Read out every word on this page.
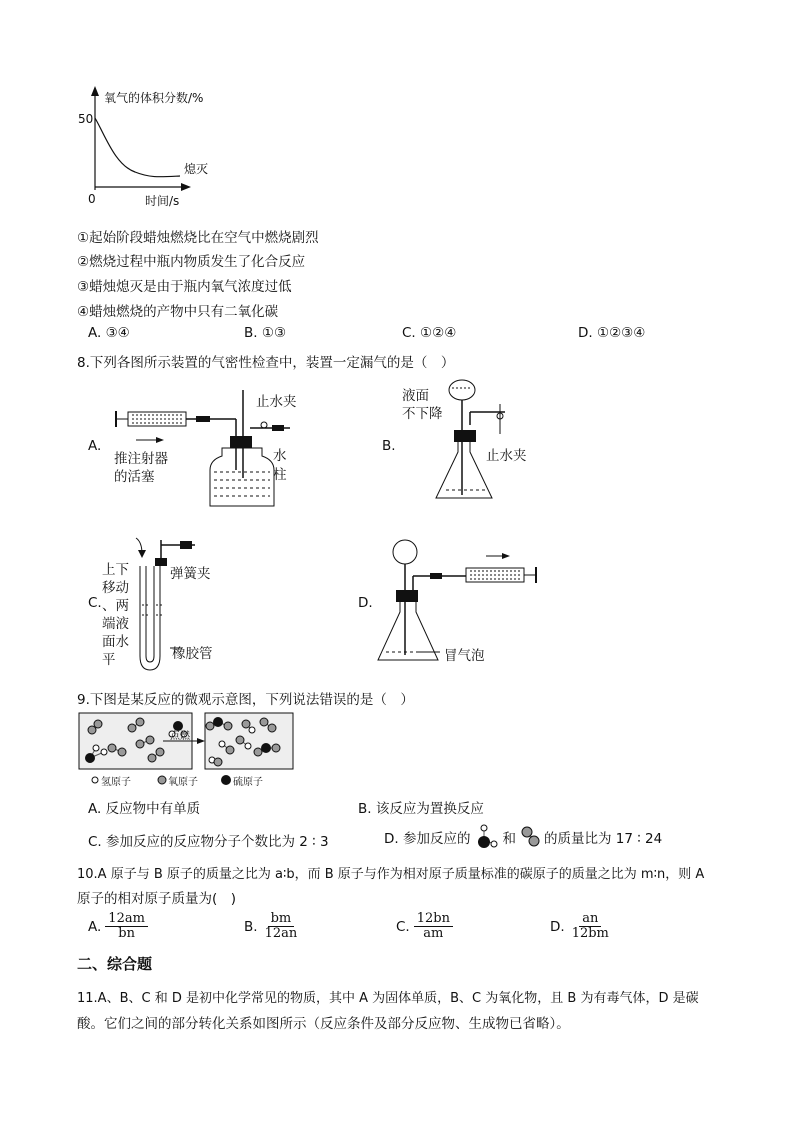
氧气的体积分数/%
50
0	时间/s
熄灭
①起始阶段蜡烛燃烧比在空气中燃烧剧烈
②燃烧过程中瓶内物质发生了化合反应
③蜡烛熄灭是由于瓶内氧气浓度过低
④蜡烛燃烧的产物中只有二氧化碳
A. ③④	B. ①③	C. ①②④	D. ①②③④
8.下列各图所示装置的气密性检查中，装置一定漏气的是（　）
A.
止水夹
推注射器
的活塞
水
柱
B.
液面
不下降
止水夹
C.
上下
移动
、两
端液
面水
平
弹簧夹
橡胶管
D.
冒气泡
9.下图是某反应的微观示意图，下列说法错误的是（　）
点燃
氢原子	氧原子	硫原子
A. 反应物中有单质	B. 该反应为置换反应
C. 参加反应的反应物分子个数比为 2 ∶ 3	D. 参加反应的 和 的质量比为 17 ∶ 24
10.A 原子与 B 原子的质量之比为 a∶b，而 B 原子与作为相对原子质量标准的碳原子的质量之比为 m∶n，则 A
原子的相对原子质量为(　)
A. $\frac{12am}{bn}$	B. $\frac{bm}{12an}$	C. $\frac{12bn}{am}$	D. $\frac{an}{12bm}$
二、综合题
11.A、B、C 和 D 是初中化学常见的物质，其中 A 为固体单质，B、C 为氧化物，且 B 为有毒气体，D 是碳
酸。它们之间的部分转化关系如图所示（反应条件及部分反应物、生成物已省略）。
